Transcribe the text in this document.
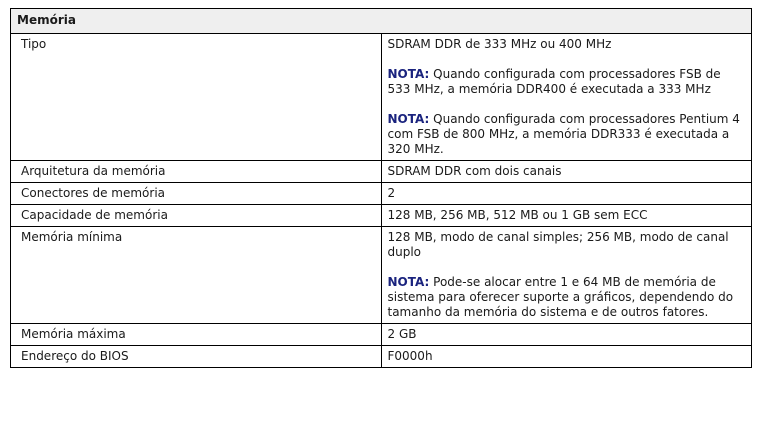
Memória	
Tipo	SDRAM DDR de 333 MHz ou 400 MHz

NOTA: Quando configurada com processadores FSB de 533 MHz, a memória DDR400 é executada a 333 MHz

NOTA: Quando configurada com processadores Pentium 4 com FSB de 800 MHz, a memória DDR333 é executada a 320 MHz.

Arquitetura da memória	SDRAM DDR com dois canais
Conectores de memória	2
Capacidade de memória	128 MB, 256 MB, 512 MB ou 1 GB sem ECC
Memória mínima	128 MB, modo de canal simples; 256 MB, modo de canal duplo

NOTA: Pode-se alocar entre 1 e 64 MB de memória de sistema para oferecer suporte a gráficos, dependendo do tamanho da memória do sistema e de outros fatores.

Memória máxima	2 GB
Endereço do BIOS	F0000h
